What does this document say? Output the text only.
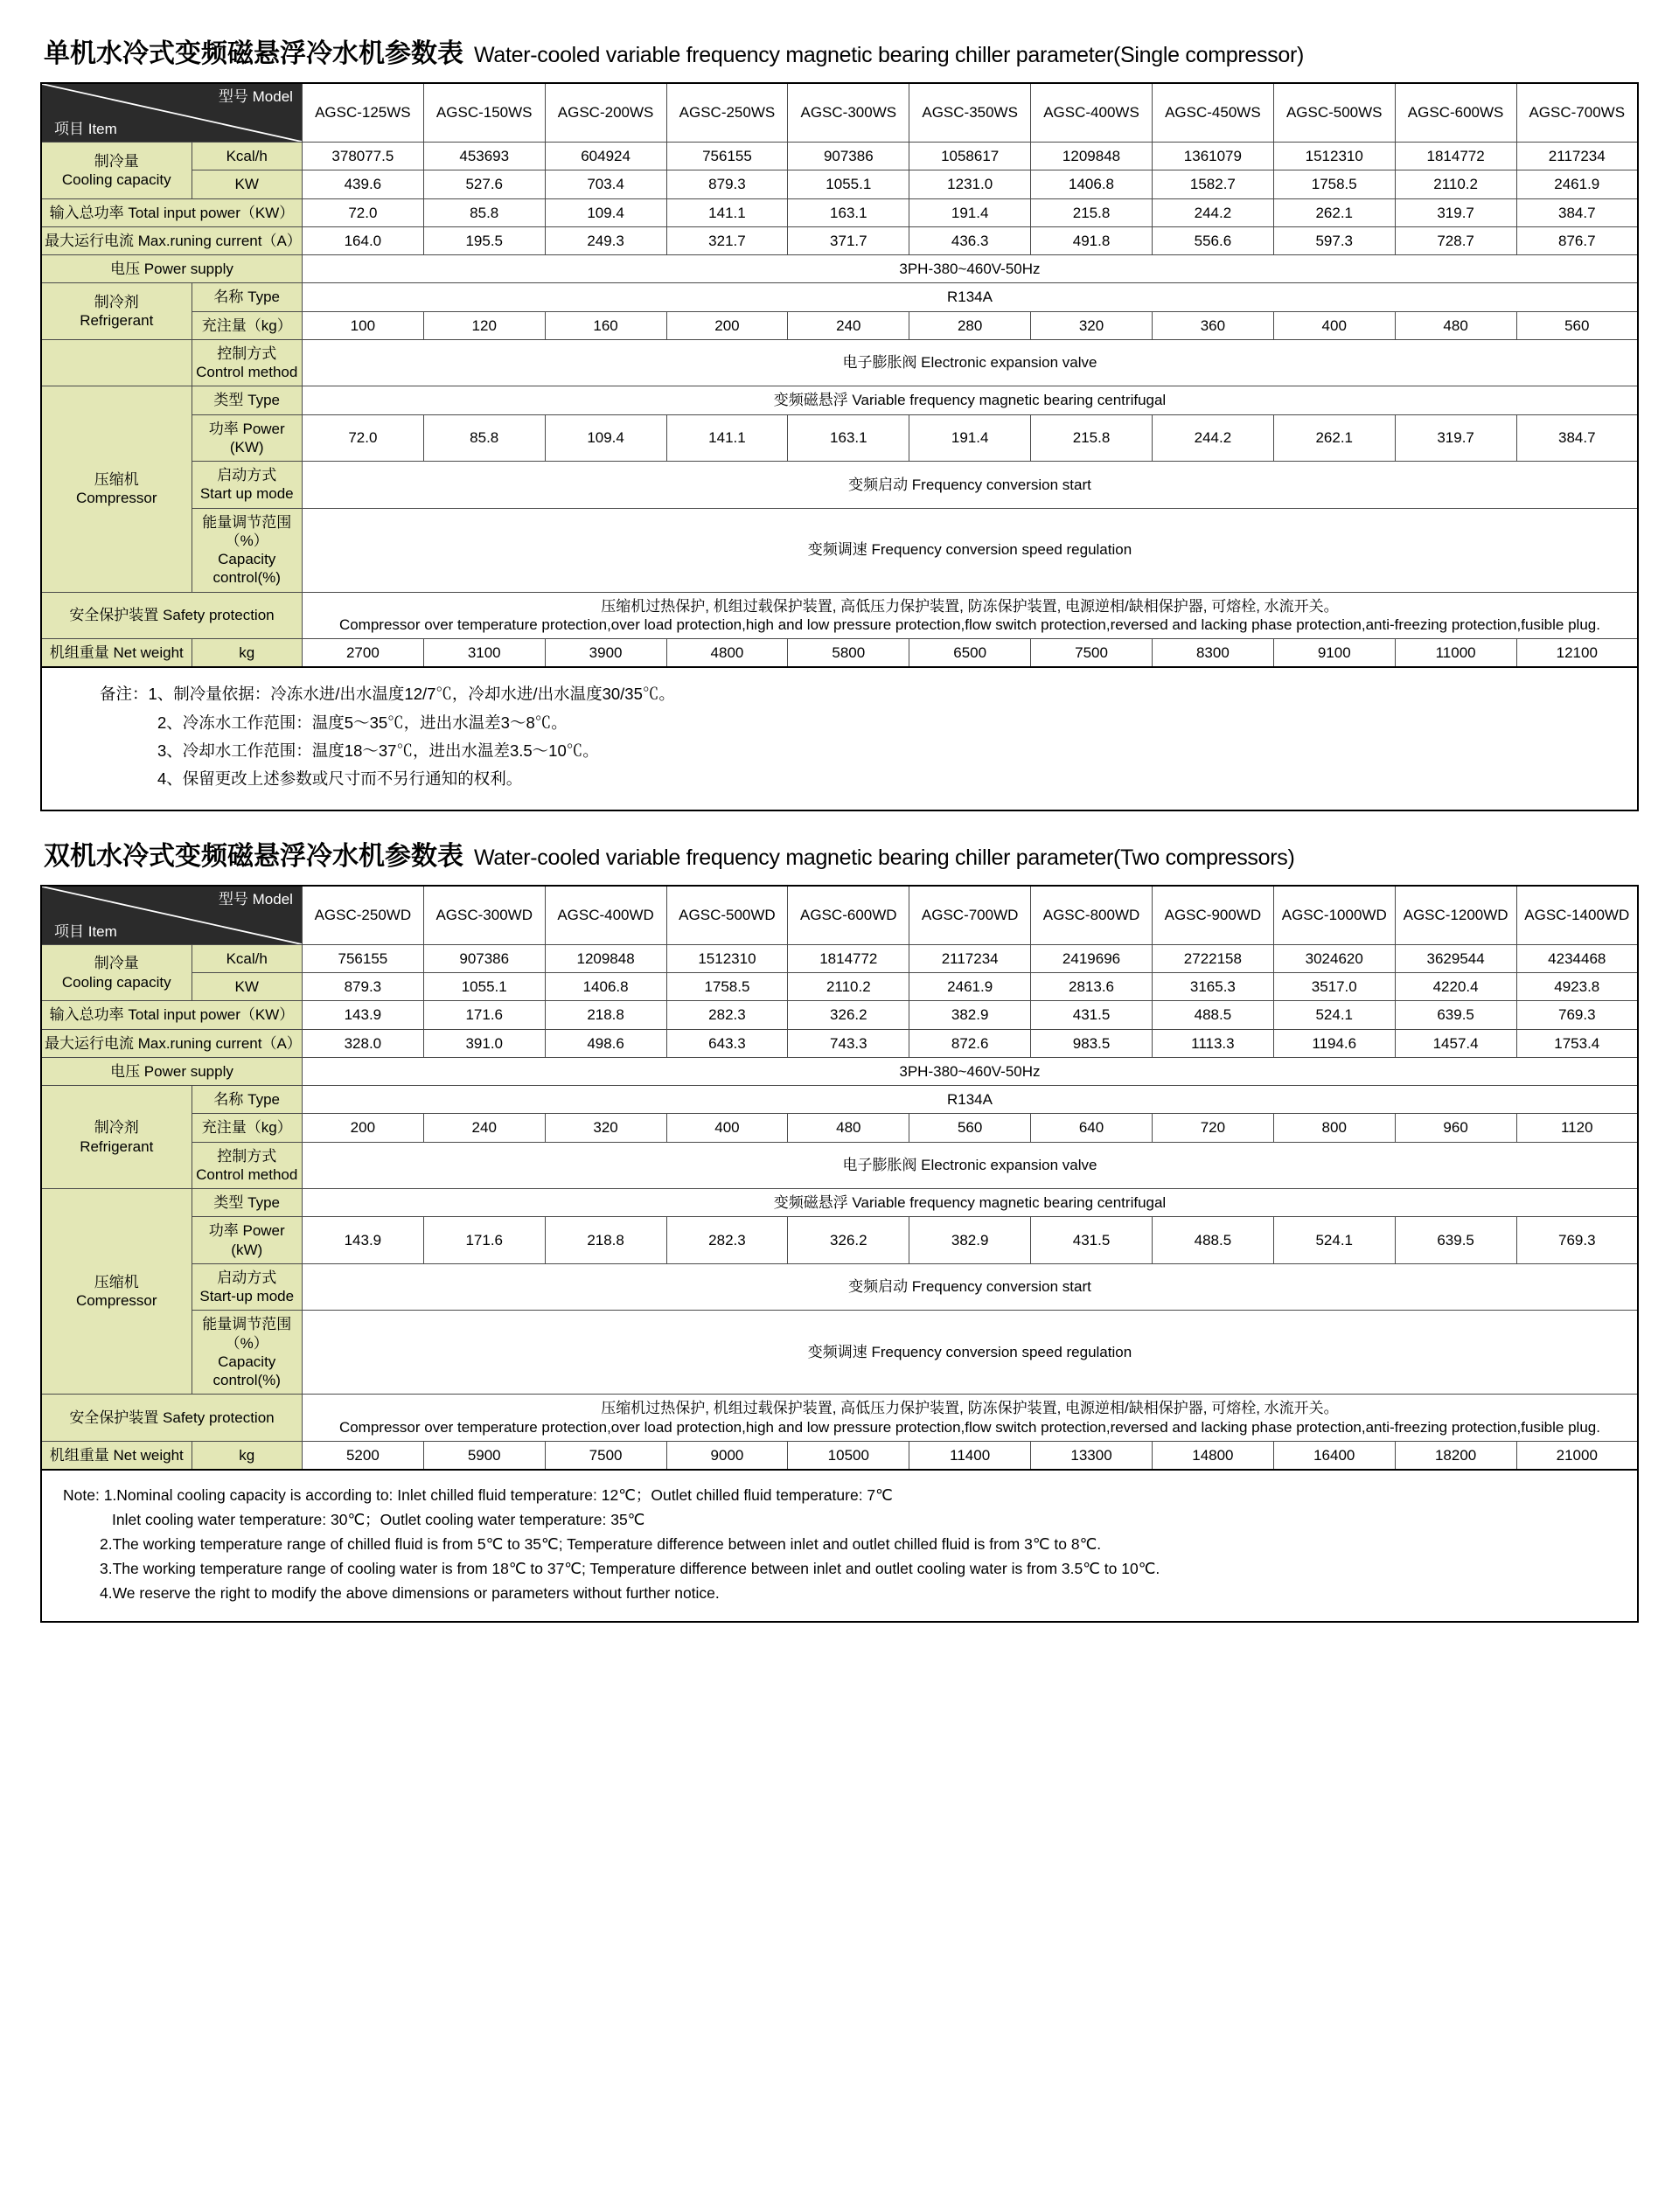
单机水冷式变频磁悬浮冷水机参数表 Water-cooled variable frequency magnetic bearing chiller parameter(Single compressor)
型号 Model
项目 Item		AGSC-125WS	AGSC-150WS	AGSC-200WS	AGSC-250WS	AGSC-300WS	AGSC-350WS	AGSC-400WS	AGSC-450WS	AGSC-500WS	AGSC-600WS	AGSC-700WS

制冷量
Cooling capacity	Kcal/h	378077.5	453693	604924	756155	907386	1058617	1209848	1361079	1512310	1814772	2117234
	KW	439.6	527.6	703.4	879.3	1055.1	1231.0	1406.8	1582.7	1758.5	2110.2	2461.9
输入总功率 Total input power（KW）		72.0	85.8	109.4	141.1	163.1	191.4	215.8	244.2	262.1	319.7	384.7
最大运行电流 Max.runing current（A）		164.0	195.5	249.3	321.7	371.7	436.3	491.8	556.6	597.3	728.7	876.7
电压 Power supply		3PH-380~460V-50Hz										

制冷剂
Refrigerant	名称 Type	R134A										
	充注量（kg）	100	120	160	200	240	280	320	360	400	480	560

	控制方式
Control method	电子膨胀阀 Electronic expansion valve										

压缩机
Compressor	类型 Type	变频磁悬浮 Variable frequency magnetic bearing centrifugal										
	功率 Power (KW)	72.0	85.8	109.4	141.1	163.1	191.4	215.8	244.2	262.1	319.7	384.7

	启动方式
Start up mode	变频启动 Frequency conversion start										

	能量调节范围（%）
Capacity control(%)	变频调速 Frequency conversion speed regulation										
安全保护装置 Safety protection		压缩机过热保护, 机组过载保护装置, 高低压力保护装置, 防冻保护装置, 电源逆相/缺相保护器, 可熔栓, 水流开关。
Compressor over temperature protection,over load protection,high and low pressure protection,flow switch protection,reversed and lacking phase protection,anti-freezing protection,fusible plug.										

机组重量 Net weight	kg	2700	3100	3900	4800	5800	6500	7500	8300	9100	11000	12100
备注：1、制冷量依据：冷冻水进/出水温度12/7℃，冷却水进/出水温度30/35℃。
2、冷冻水工作范围：温度5～35℃，进出水温差3～8℃。
3、冷却水工作范围：温度18～37℃，进出水温差3.5～10℃。
4、保留更改上述参数或尺寸而不另行通知的权利。
双机水冷式变频磁悬浮冷水机参数表 Water-cooled variable frequency magnetic bearing chiller parameter(Two compressors)
型号 Model
项目 Item		AGSC-250WD	AGSC-300WD	AGSC-400WD	AGSC-500WD	AGSC-600WD	AGSC-700WD	AGSC-800WD	AGSC-900WD	AGSC-1000WD	AGSC-1200WD	AGSC-1400WD

制冷量
Cooling capacity	Kcal/h	756155	907386	1209848	1512310	1814772	2117234	2419696	2722158	3024620	3629544	4234468
	KW	879.3	1055.1	1406.8	1758.5	2110.2	2461.9	2813.6	3165.3	3517.0	4220.4	4923.8
输入总功率 Total input power（KW）		143.9	171.6	218.8	282.3	326.2	382.9	431.5	488.5	524.1	639.5	769.3
最大运行电流 Max.runing current（A）		328.0	391.0	498.6	643.3	743.3	872.6	983.5	1113.3	1194.6	1457.4	1753.4
电压 Power supply		3PH-380~460V-50Hz										

制冷剂
Refrigerant	名称 Type	R134A										
	充注量（kg）	200	240	320	400	480	560	640	720	800	960	1120

	控制方式
Control method	电子膨胀阀 Electronic expansion valve										

压缩机
Compressor	类型 Type	变频磁悬浮 Variable frequency magnetic bearing centrifugal										
	功率 Power (kW)	143.9	171.6	218.8	282.3	326.2	382.9	431.5	488.5	524.1	639.5	769.3

	启动方式
Start-up mode	变频启动 Frequency conversion start										

	能量调节范围（%）
Capacity control(%)	变频调速 Frequency conversion speed regulation										
安全保护装置 Safety protection		压缩机过热保护, 机组过载保护装置, 高低压力保护装置, 防冻保护装置, 电源逆相/缺相保护器, 可熔栓, 水流开关。
Compressor over temperature protection,over load protection,high and low pressure protection,flow switch protection,reversed and lacking phase protection,anti-freezing protection,fusible plug.										

机组重量 Net weight	kg	5200	5900	7500	9000	10500	11400	13300	14800	16400	18200	21000
Note: 1.Nominal cooling capacity is according to: Inlet chilled fluid temperature: 12℃；Outlet chilled fluid temperature: 7℃
Inlet cooling water temperature: 30℃；Outlet cooling water temperature: 35℃
2.The working temperature range of chilled fluid is from 5℃ to 35℃; Temperature difference between inlet and outlet chilled fluid is from 3℃ to 8℃.
3.The working temperature range of cooling water is from 18℃ to 37℃; Temperature difference between inlet and outlet cooling water is from 3.5℃ to 10℃.
4.We reserve the right to modify the above dimensions or parameters without further notice.
